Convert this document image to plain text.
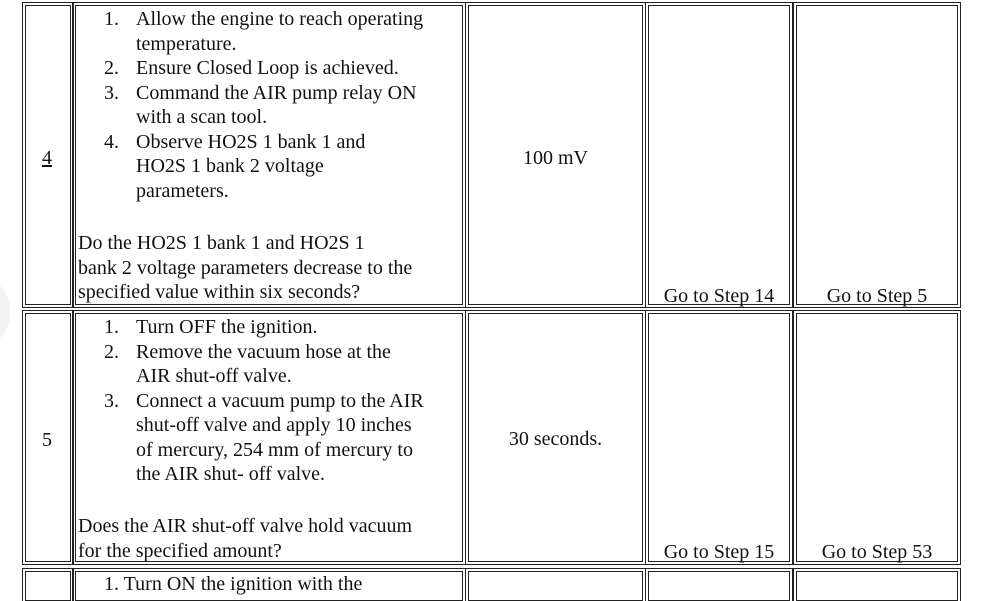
4
1. Allow the engine to reach operating
temperature.
2. Ensure Closed Loop is achieved.
3. Command the AIR pump relay ON
with a scan tool.
4. Observe HO2S 1 bank 1 and
HO2S 1 bank 2 voltage
parameters.
Do the HO2S 1 bank 1 and HO2S 1
bank 2 voltage parameters decrease to the
specified value within six seconds?
100 mV
Go to Step 14	Go to Step 5
5
1. Turn OFF the ignition.
2. Remove the vacuum hose at the
AIR shut-off valve.
3. Connect a vacuum pump to the AIR
shut-off valve and apply 10 inches
of mercury, 254 mm of mercury to
the AIR shut- off valve.
Does the AIR shut-off valve hold vacuum
for the specified amount?
30 seconds.
Go to Step 15	Go to Step 53
1. Turn ON the ignition with the
